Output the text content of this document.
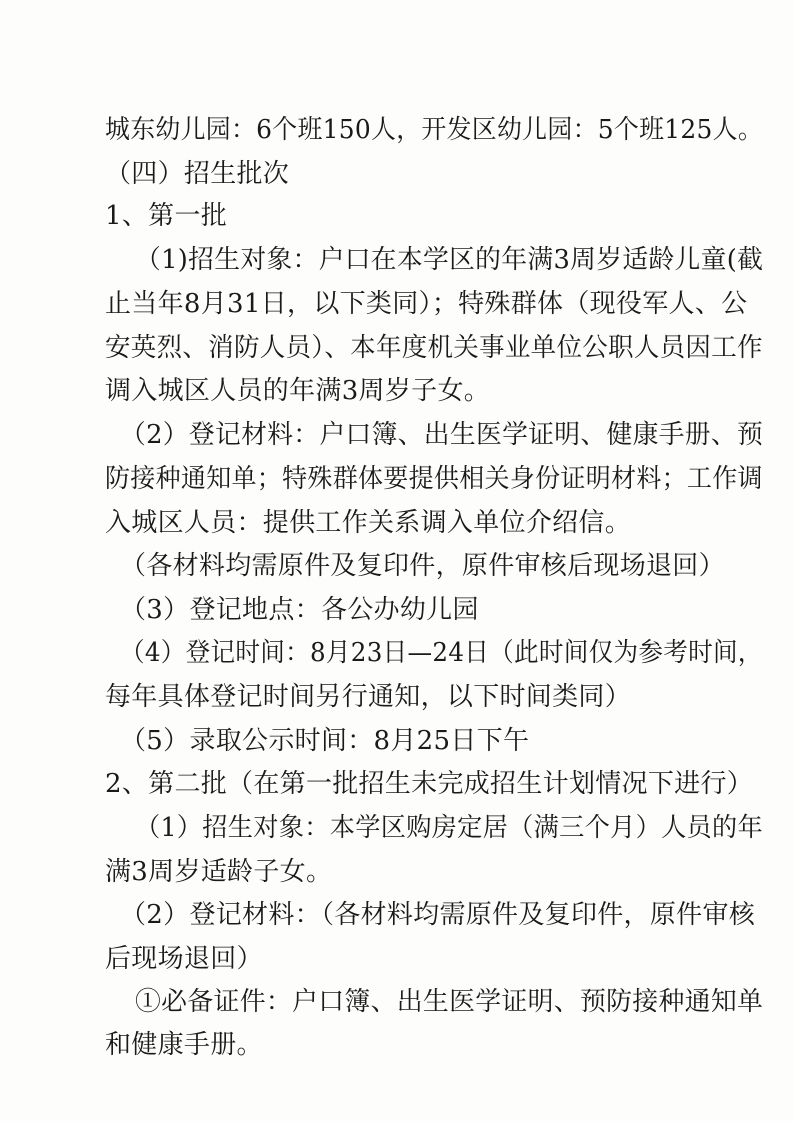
城东幼儿园：6个班150人，开发区幼儿园：5个班125人。
（四）招生批次
1、第一批
（1)招生对象：户口在本学区的年满3周岁适龄儿童(截
止当年8月31日，以下类同）；特殊群体（现役军人、公
安英烈、消防人员）、本年度机关事业单位公职人员因工作
调入城区人员的年满3周岁子女。
（2）登记材料：户口簿、出生医学证明、健康手册、预
防接种通知单；特殊群体要提供相关身份证明材料；工作调
入城区人员：提供工作关系调入单位介绍信。
（各材料均需原件及复印件，原件审核后现场退回）
（3）登记地点：各公办幼儿园
（4）登记时间：8月23日—24日（此时间仅为参考时间，
每年具体登记时间另行通知，以下时间类同）
（5）录取公示时间：8月25日下午
2、第二批（在第一批招生未完成招生计划情况下进行）
（1）招生对象：本学区购房定居（满三个月）人员的年
满3周岁适龄子女。
（2）登记材料：（各材料均需原件及复印件，原件审核
后现场退回）
①必备证件：户口簿、出生医学证明、预防接种通知单
和健康手册。
